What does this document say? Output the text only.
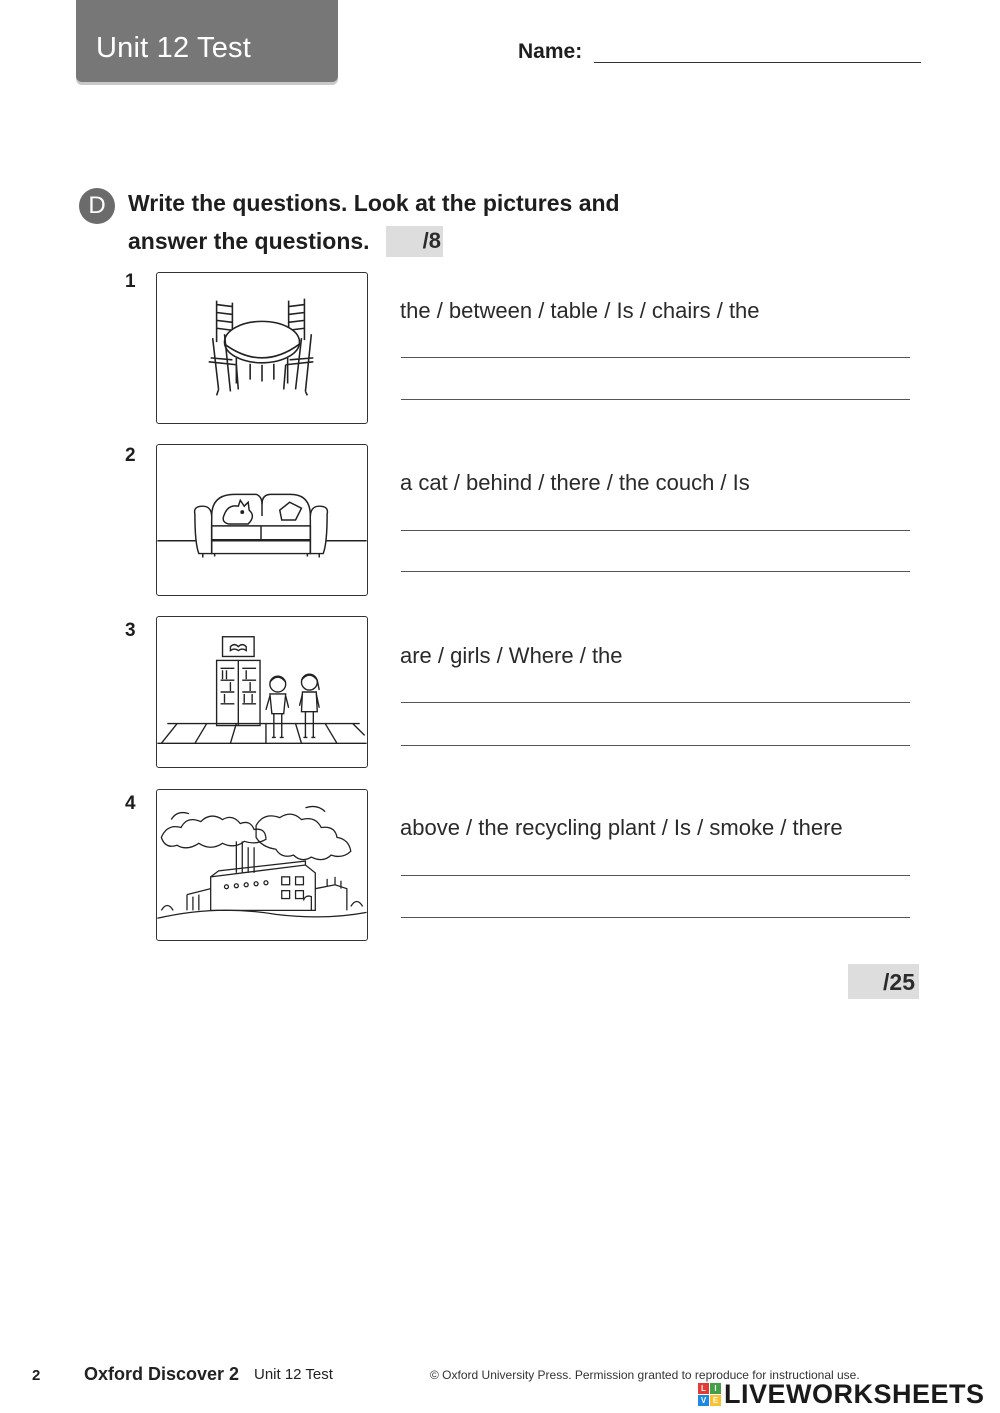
Unit 12 Test	Name:
D Write the questions. Look at the pictures and
answer the questions.	/8
1
the / between / table / Is / chairs / the
2
a cat / behind / there / the couch / Is
3
are / girls / Where / the
4
above / the recycling plant / Is / smoke / there
/25
2 Oxford Discover 2 Unit 12 Test	© Oxford University Press. Permission granted to reproduce for instructional use.
L	I
V E LIVEWORKSHEETS
